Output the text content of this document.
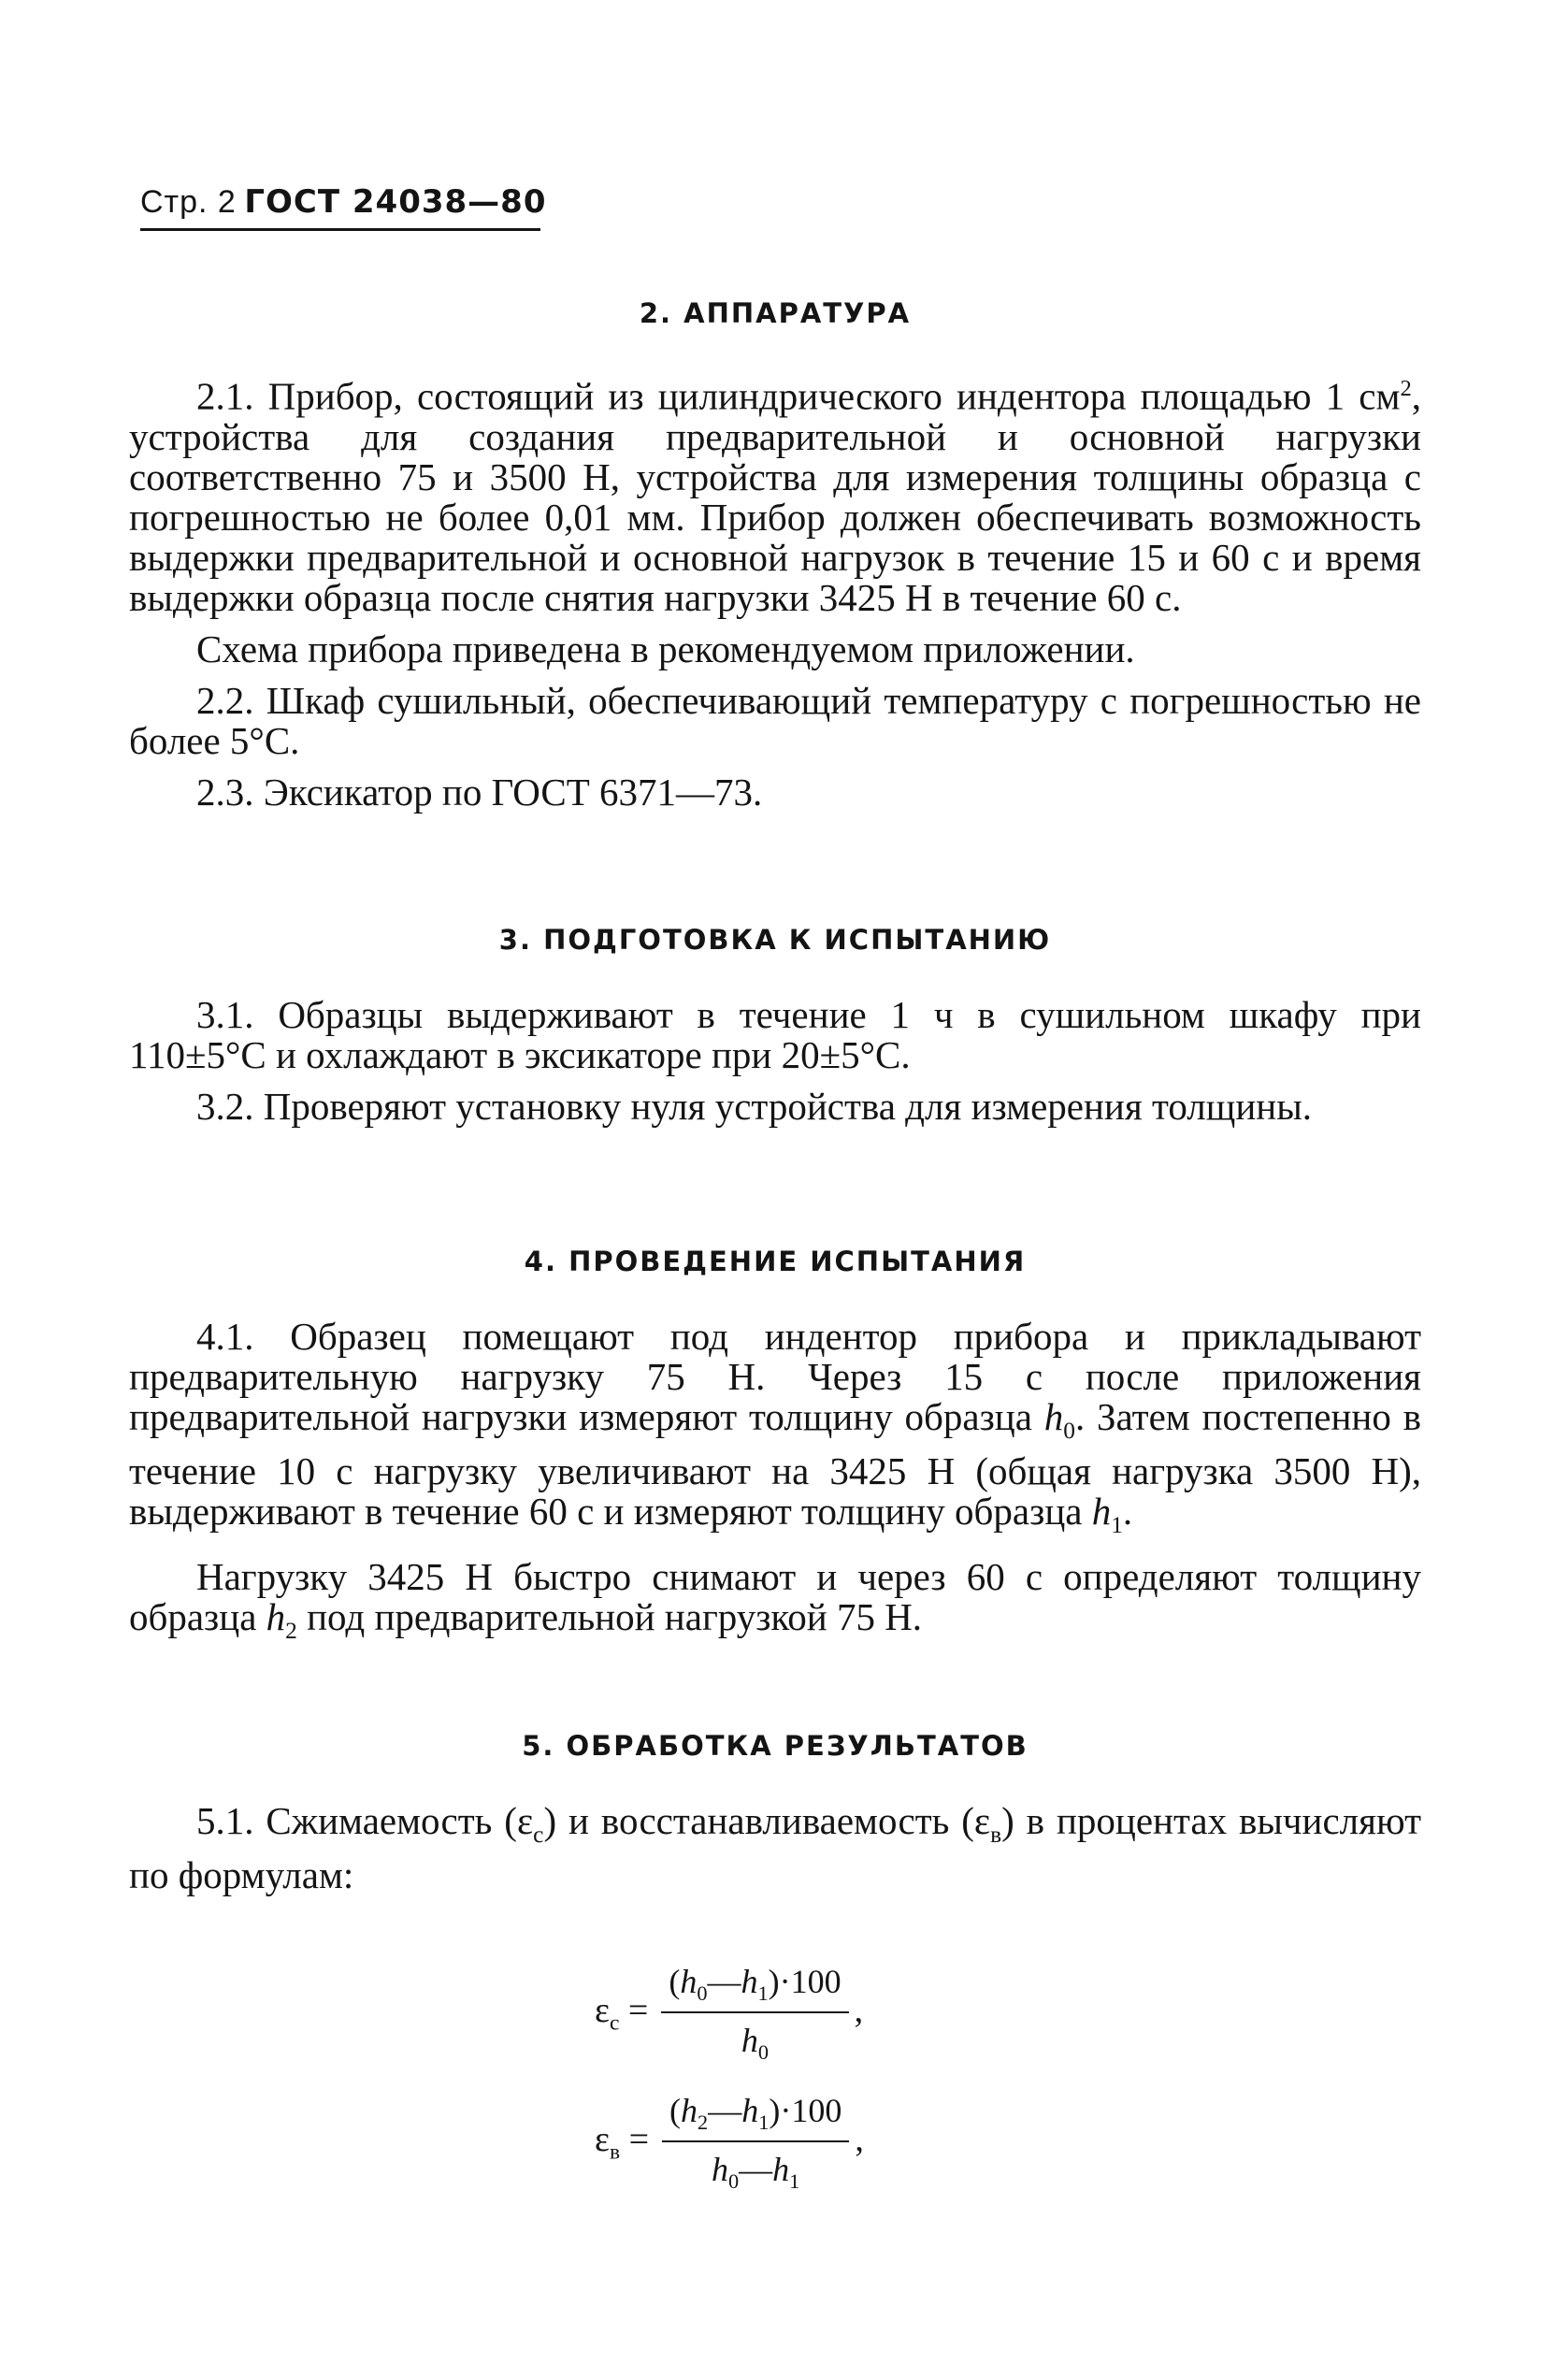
Стр. 2 ГОСТ 24038—80
2. АППАРАТУРА

2.1. Прибор, состоящий из цилиндрического индентора площадью 1 $см^2$, устройства для создания предварительной и основной нагрузки соответственно 75 и 3500 Н, устройства для измерения толщины образца с погрешностью не более 0,01 мм. Прибор должен обеспечивать возможность выдержки предварительной и основной нагрузок в течение 15 и 60 с и время выдержки образца после снятия нагрузки 3425 Н в течение 60 с.

Схема прибора приведена в рекомендуемом приложении.

2.2. Шкаф сушильный, обеспечивающий температуру с погрешностью не более 5°С.

2.3. Эксикатор по ГОСТ 6371—73.

3. ПОДГОТОВКА К ИСПЫТАНИЮ

3.1. Образцы выдерживают в течение 1 ч в сушильном шкафу при 110±5°С и охлаждают в эксикаторе при 20±5°С.

3.2. Проверяют установку нуля устройства для измерения толщины.

4. ПРОВЕДЕНИЕ ИСПЫТАНИЯ

4.1. Образец помещают под индентор прибора и прикладывают предварительную нагрузку 75 Н. Через 15 с после приложения предварительной нагрузки измеряют толщину образца $h_0$. Затем постепенно в течение 10 с нагрузку увеличивают на 3425 Н (общая нагрузка 3500 Н), выдерживают в течение 60 с и измеряют толщину образца $h_1$.

Нагрузку 3425 Н быстро снимают и через 60 с определяют толщину образца $h_2$ под предварительной нагрузкой 75 Н.

5. ОБРАБОТКА РЕЗУЛЬТАТОВ

5.1. Сжимаемость $(\varepsilon_с)$ и восстанавливаемость $(\varepsilon_в)$ в процентах вычисляют по формулам:

$\varepsilon_с = \frac{(h_0—h_1)\cdot 100}{h_0}$ ,
$\varepsilon_в = \frac{(h_2—h_1)\cdot 100}{h_0—h_1}$ ,
